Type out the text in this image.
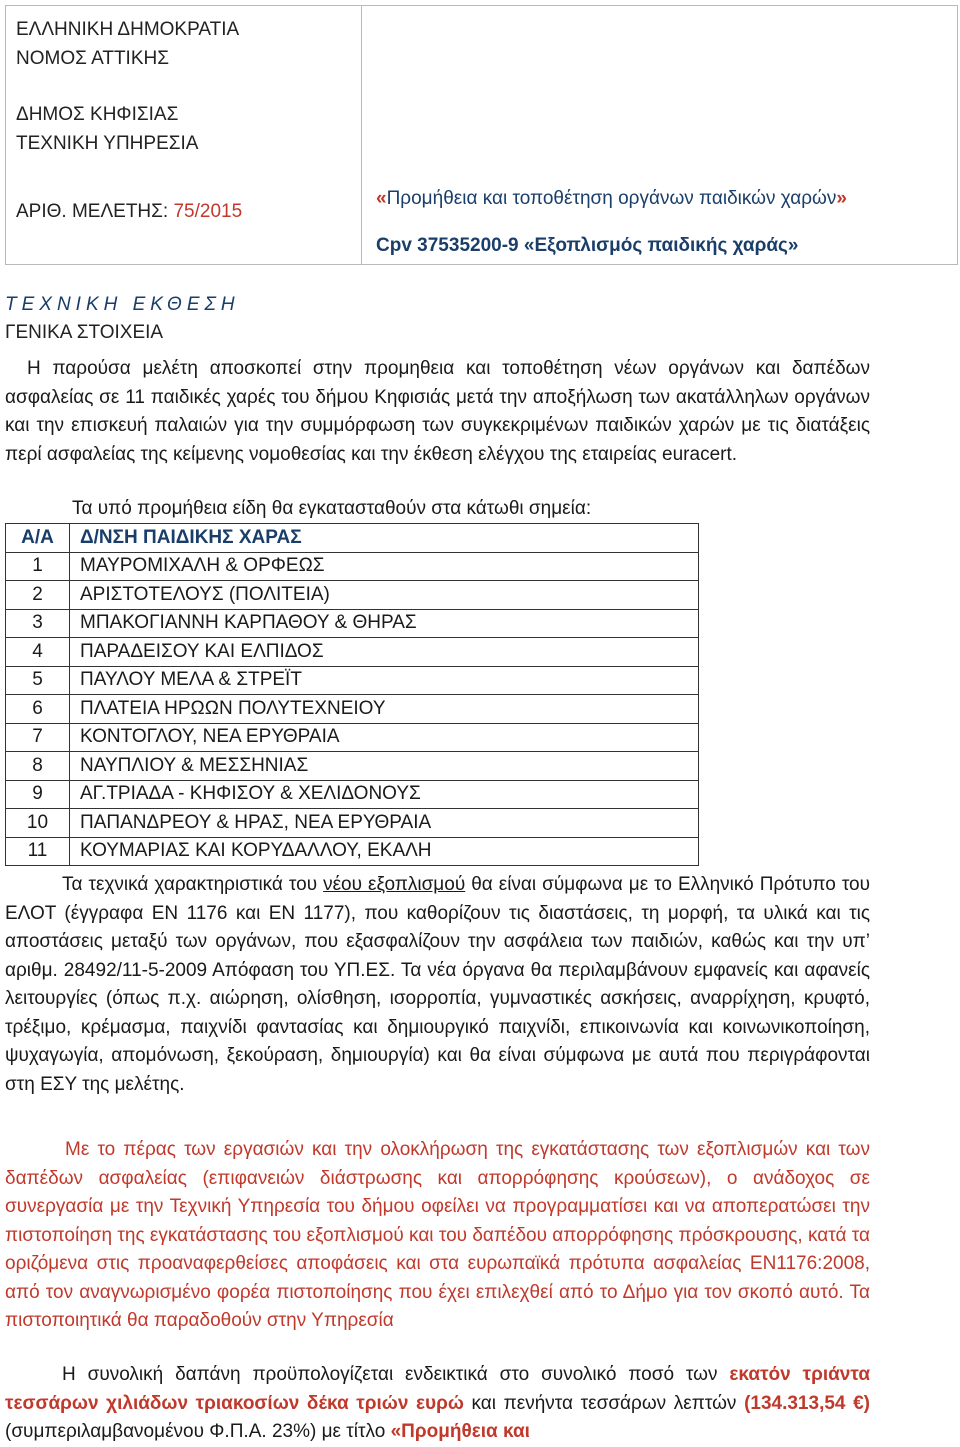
ΕΛΛΗΝΙΚΗ ΔΗΜΟΚΡΑΤΙΑ
ΝΟΜΟΣ ΑΤΤΙΚΗΣ
ΔΗΜΟΣ ΚΗΦΙΣΙΑΣ
ΤΕΧΝΙΚΗ ΥΠΗΡΕΣΙΑ
ΑΡΙΘ. ΜΕΛΕΤΗΣ: 75/2015
«Προμήθεια και τοποθέτηση οργάνων παιδικών χαρών»
Cpv 37535200-9 «Εξοπλισμός παιδικής χαράς»
ΤΕΧΝΙΚΗ ΕΚΘΕΣΗ
ΓΕΝΙΚΑ ΣΤΟΙΧΕΙΑ
Η παρούσα μελέτη αποσκοπεί στην προμηθεια και τοποθέτηση νέων οργάνων και δαπέδων ασφαλείας σε 11 παιδικές χαρές του δήμου Κηφισιάς μετά την αποξήλωση των ακατάλληλων οργάνων και την επισκευή παλαιών για την συμμόρφωση των συγκεκριμένων παιδικών χαρών με τις διατάξεις περί ασφαλείας της κείμενης νομοθεσίας και την έκθεση ελέγχου της εταιρείας euracert.
Τα υπό προμήθεια είδη θα εγκατασταθούν στα κάτωθι σημεία:
Α/Α	Δ/ΝΣΗ ΠΑΙΔΙΚΗΣ ΧΑΡΑΣ
1	ΜΑΥΡΟΜΙΧΑΛΗ & ΟΡΦΕΩΣ
2	ΑΡΙΣΤΟΤΕΛΟΥΣ (ΠΟΛΙΤΕΙΑ)
3	ΜΠΑΚΟΓΙΑΝΝΗ ΚΑΡΠΑΘΟΥ & ΘΗΡΑΣ
4	ΠΑΡΑΔΕΙΣΟΥ ΚΑΙ ΕΛΠΙΔΟΣ
5	ΠΑΥΛΟΥ ΜΕΛΑ & ΣΤΡΕΪΤ
6	ΠΛΑΤΕΙΑ ΗΡΩΩΝ ΠΟΛΥΤΕΧΝΕΙΟΥ
7	ΚΟΝΤΟΓΛΟΥ, ΝΕΑ ΕΡΥΘΡΑΙΑ
8	ΝΑΥΠΛΙΟΥ & ΜΕΣΣΗΝΙΑΣ
9	ΑΓ.ΤΡΙΑΔΑ - ΚΗΦΙΣΟΥ & ΧΕΛΙΔΟΝΟΥΣ
10	ΠΑΠΑΝΔΡΕΟΥ & ΗΡΑΣ, ΝΕΑ ΕΡΥΘΡΑΙΑ
11	ΚΟΥΜΑΡΙΑΣ ΚΑΙ ΚΟΡΥΔΑΛΛΟΥ, ΕΚΑΛΗ
Τα τεχνικά χαρακτηριστικά του νέου εξοπλισμού θα είναι σύμφωνα με το Ελληνικό Πρότυπο του ΕΛΟΤ (έγγραφα ΕΝ 1176 και ΕΝ 1177), που καθορίζουν τις διαστάσεις, τη μορφή, τα υλικά και τις αποστάσεις μεταξύ των οργάνων, που εξασφαλίζουν την ασφάλεια των παιδιών, καθώς και την υπ’ αριθμ. 28492/11-5-2009 Απόφαση του ΥΠ.ΕΣ. Τα νέα όργανα θα περιλαμβάνουν εμφανείς και αφανείς λειτουργίες (όπως π.χ. αιώρηση, ολίσθηση, ισορροπία, γυμναστικές ασκήσεις, αναρρίχηση, κρυφτό, τρέξιμο, κρέμασμα, παιχνίδι φαντασίας και δημιουργικό παιχνίδι, επικοινωνία και κοινωνικοποίηση, ψυχαγωγία, απομόνωση, ξεκούραση, δημιουργία) και θα είναι σύμφωνα με αυτά που περιγράφονται στη ΕΣΥ της μελέτης.
Με το πέρας των εργασιών και την ολοκλήρωση της εγκατάστασης των εξοπλισμών και των δαπέδων ασφαλείας (επιφανειών διάστρωσης και απορρόφησης κρούσεων), ο ανάδοχος σε συνεργασία με την Τεχνική Υπηρεσία του δήμου οφείλει να προγραμματίσει και να αποπερατώσει την πιστοποίηση της εγκατάστασης του εξοπλισμού και του δαπέδου απορρόφησης πρόσκρουσης, κατά τα οριζόμενα στις προαναφερθείσες αποφάσεις και στα ευρωπαϊκά πρότυπα ασφαλείας ΕΝ1176:2008, από τον αναγνωρισμένο φορέα πιστοποίησης που έχει επιλεχθεί από το Δήμο για τον σκοπό αυτό. Τα πιστοποιητικά θα παραδοθούν στην Υπηρεσία
Η συνολική δαπάνη προϋπολογίζεται ενδεικτικά στο συνολικό ποσό των εκατόν τριάντα τεσσάρων χιλιάδων τριακοσίων δέκα τριών ευρώ και πενήντα τεσσάρων λεπτών (134.313,54 €) (συμπεριλαμβανομένου Φ.Π.Α. 23%) με τίτλο «Προμήθεια και
